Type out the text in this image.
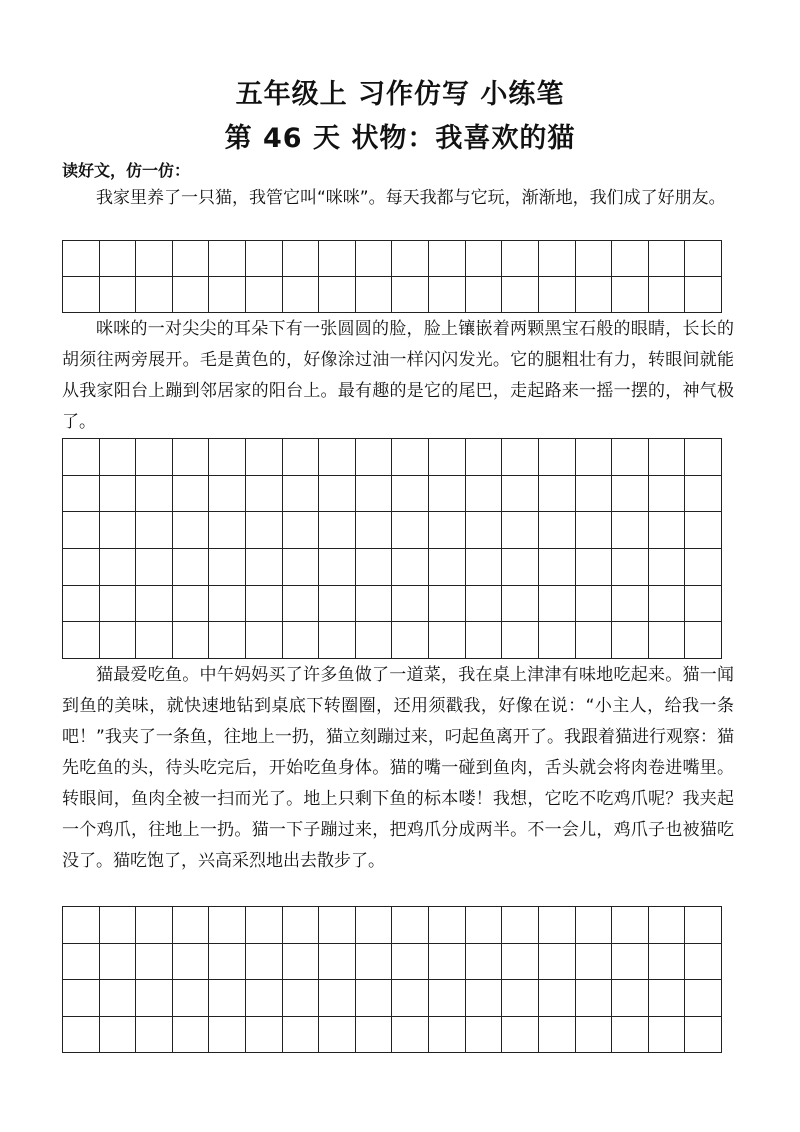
五年级上 习作仿写 小练笔
第 46 天 状物：我喜欢的猫
读好文，仿一仿：

我家里养了一只猫，我管它叫“咪咪”。每天我都与它玩，渐渐地，我们成了好朋友。

咪咪的一对尖尖的耳朵下有一张圆圆的脸，脸上镶嵌着两颗黑宝石般的眼睛，长长的胡须往两旁展开。毛是黄色的，好像涂过油一样闪闪发光。它的腿粗壮有力，转眼间就能从我家阳台上蹦到邻居家的阳台上。最有趣的是它的尾巴，走起路来一摇一摆的，神气极了。

猫最爱吃鱼。中午妈妈买了许多鱼做了一道菜，我在桌上津津有味地吃起来。猫一闻到鱼的美味，就快速地钻到桌底下转圈圈，还用须戳我，好像在说：“小主人，给我一条吧！”我夹了一条鱼，往地上一扔，猫立刻蹦过来，叼起鱼离开了。我跟着猫进行观察：猫先吃鱼的头，待头吃完后，开始吃鱼身体。猫的嘴一碰到鱼肉，舌头就会将肉卷进嘴里。转眼间，鱼肉全被一扫而光了。地上只剩下鱼的标本喽！我想，它吃不吃鸡爪呢？我夹起一个鸡爪，往地上一扔。猫一下子蹦过来，把鸡爪分成两半。不一会儿，鸡爪子也被猫吃没了。猫吃饱了，兴高采烈地出去散步了。
